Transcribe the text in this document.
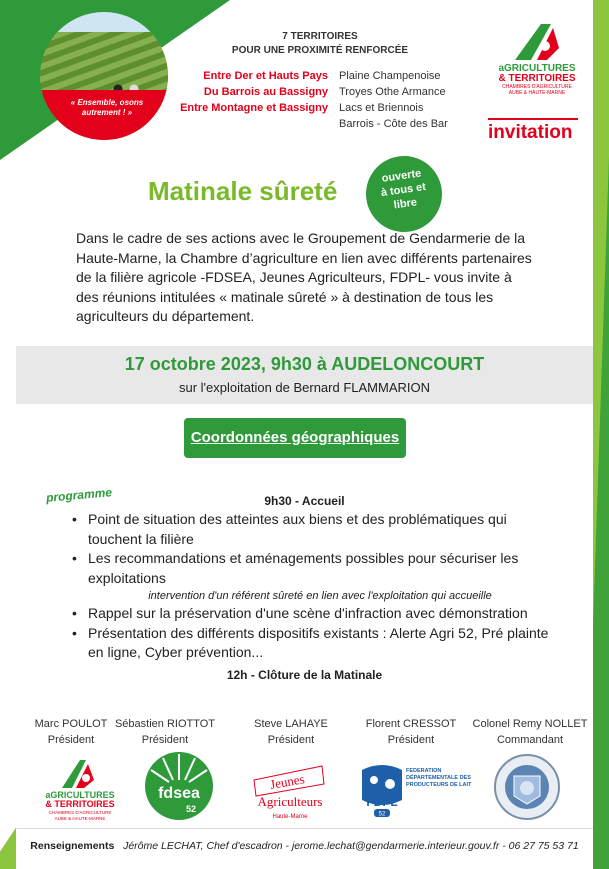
« Ensemble, osons autrement ! »
7 TERRITOIRES
POUR UNE PROXIMITÉ RENFORCÉE
Entre Der et Hauts Pays
Du Barrois au Bassigny
Entre Montagne et Bassigny
Plaine Champenoise
Troyes Othe Armance
Lacs et Briennois
Barrois - Côte des Bar
aGRICULTURES
& TERRITOIRES
CHAMBRES D'AGRICULTURE
AUBE & HAUTE-MARNE
invitation
Matinale sûreté	ouverte
à tous et
libre
Dans le cadre de ses actions avec le Groupement de Gendarmerie de la Haute-Marne, la Chambre d’agriculture en lien avec différents partenaires de la filière agricole -FDSEA, Jeunes Agriculteurs, FDPL- vous invite à des réunions intitulées « matinale sûreté » à destination de tous les agriculteurs du département.
17 octobre 2023, 9h30 à AUDELONCOURT
sur l'exploitation de Bernard FLAMMARION
Coordonnées géographiques
programme	9h30 - Accueil
• Point de situation des atteintes aux biens et des problématiques qui touchent la filière
• Les recommandations et aménagements possibles pour sécuriser les exploitations
intervention d'un référent sûreté en lien avec l'exploitation qui accueille
• Rappel sur la préservation d'une scène d'infraction avec démonstration
• Présentation des différents dispositifs existants : Alerte Agri 52, Pré plainte en ligne, Cyber prévention...
12h - Clôture de la Matinale
Marc POULOT
Président
Sébastien RIOTTOT
Président
Steve LAHAYE
Président
Florent CRESSOT
Président
Colonel Remy NOLLET
Commandant
aGRICULTURES
& TERRITOIRES
CHAMBRES D'AGRICULTURE
AUBE & HAUTE-MARNE
fdsea
52
Jeunes
Agriculteurs
Haute-Marne
FDPL
52
FÉDÉRATION DÉPARTEMENTALE DES PRODUCTEURS DE LAIT
Renseignements Jérôme LECHAT, Chef d'escadron - jerome.lechat@gendarmerie.interieur.gouv.fr - 06 27 75 53 71
